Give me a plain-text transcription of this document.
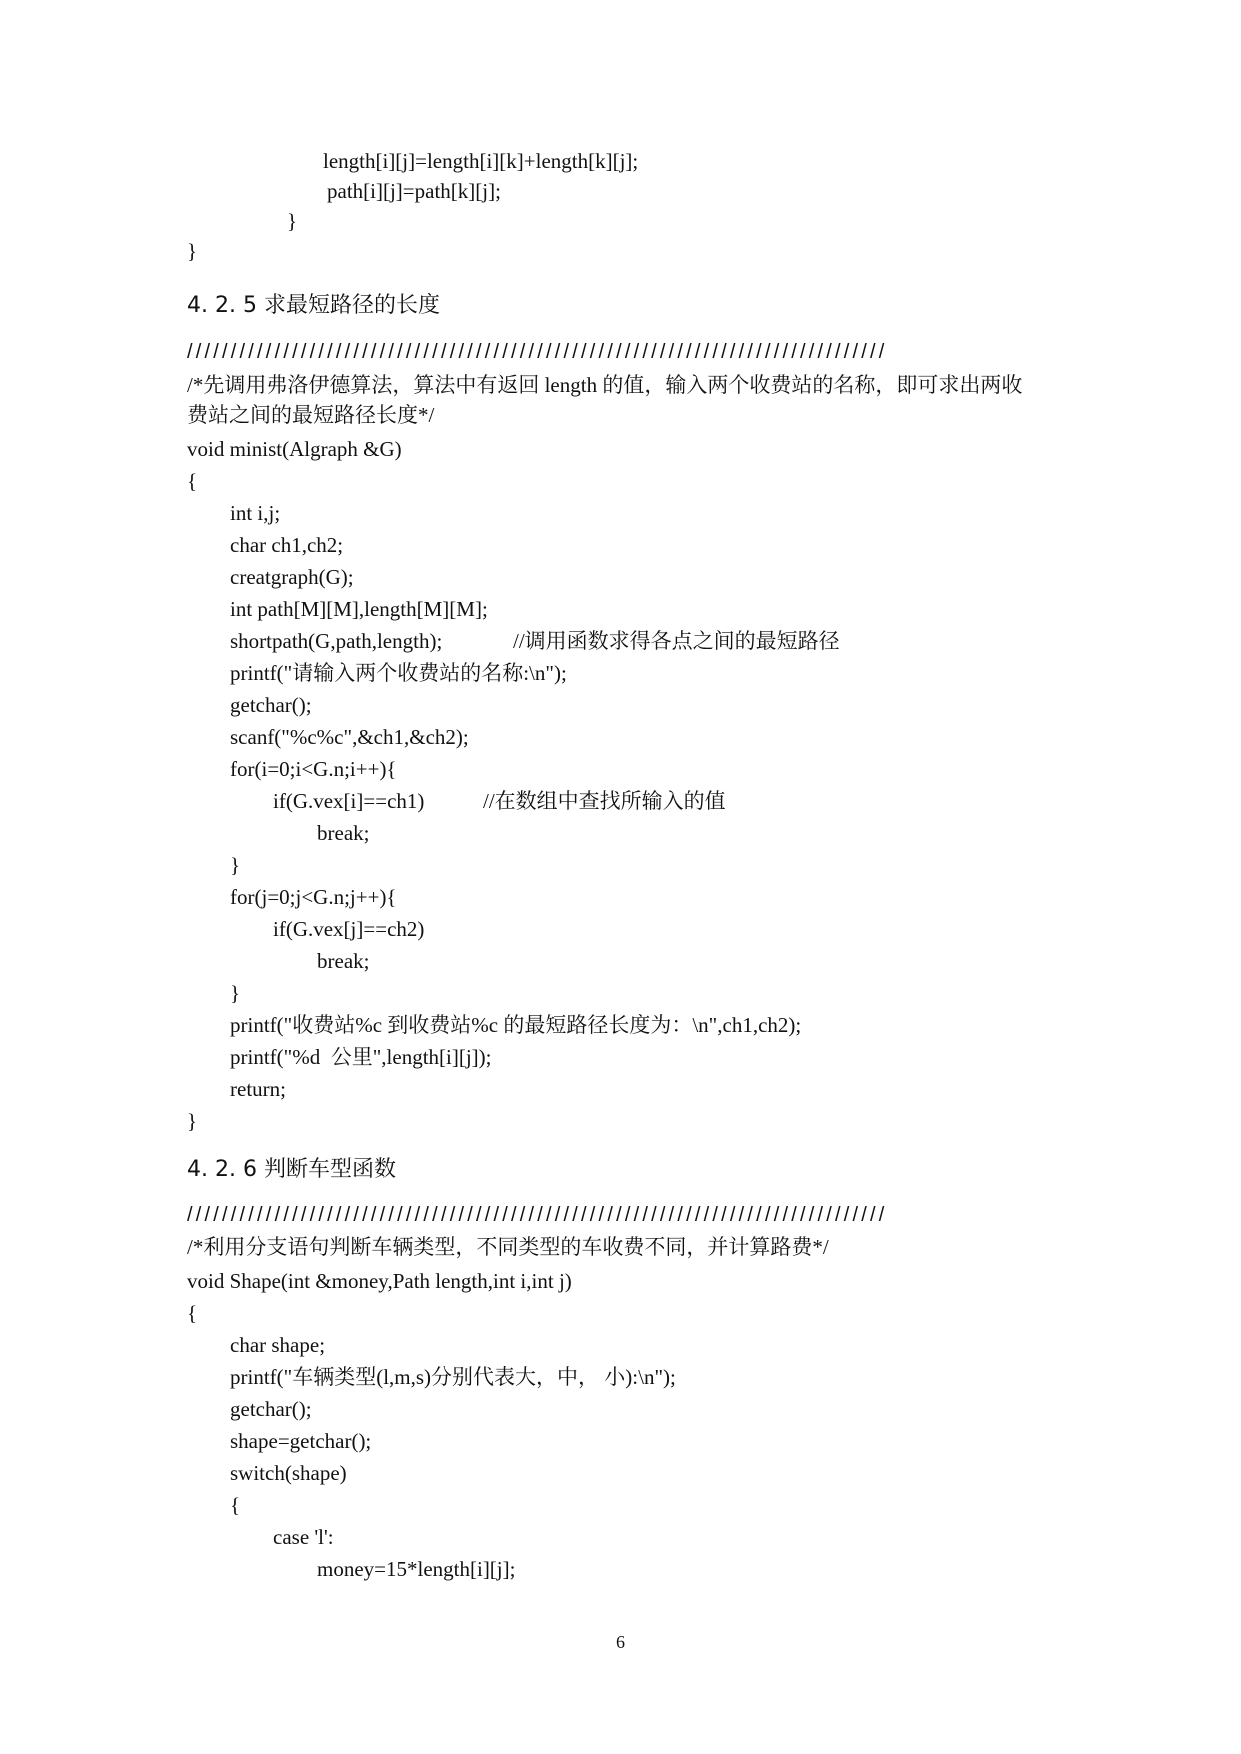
length[i][j]=length[i][k]+length[k][j];
path[i][j]=path[k][j];
}
}
4. 2. 5 求最短路径的长度
////////////////////////////////////////////////////////////////////////////////
/*先调用弗洛伊德算法，算法中有返回 length 的值，输入两个收费站的名称，即可求出两收
费站之间的最短路径长度*/
void minist(Algraph &G)
{
int i,j;
char ch1,ch2;
creatgraph(G);
int path[M][M],length[M][M];
shortpath(G,path,length);	//调用函数求得各点之间的最短路径
printf("请输入两个收费站的名称:\n");
getchar();
scanf("%c%c",&ch1,&ch2);
for(i=0;i<G.n;i++){
if(G.vex[i]==ch1)	//在数组中查找所输入的值
break;
}
for(j=0;j<G.n;j++){
if(G.vex[j]==ch2)
break;
}
printf("收费站%c 到收费站%c 的最短路径长度为：\n",ch1,ch2);
printf("%d  公里",length[i][j]);
return;
}
4. 2. 6 判断车型函数
////////////////////////////////////////////////////////////////////////////////
/*利用分支语句判断车辆类型，不同类型的车收费不同，并计算路费*/
void Shape(int &money,Path length,int i,int j)
{
char shape;
printf("车辆类型(l,m,s)分别代表大，中， 小):\n");
getchar();
shape=getchar();
switch(shape)
{
case 'l':
money=15*length[i][j];
6
